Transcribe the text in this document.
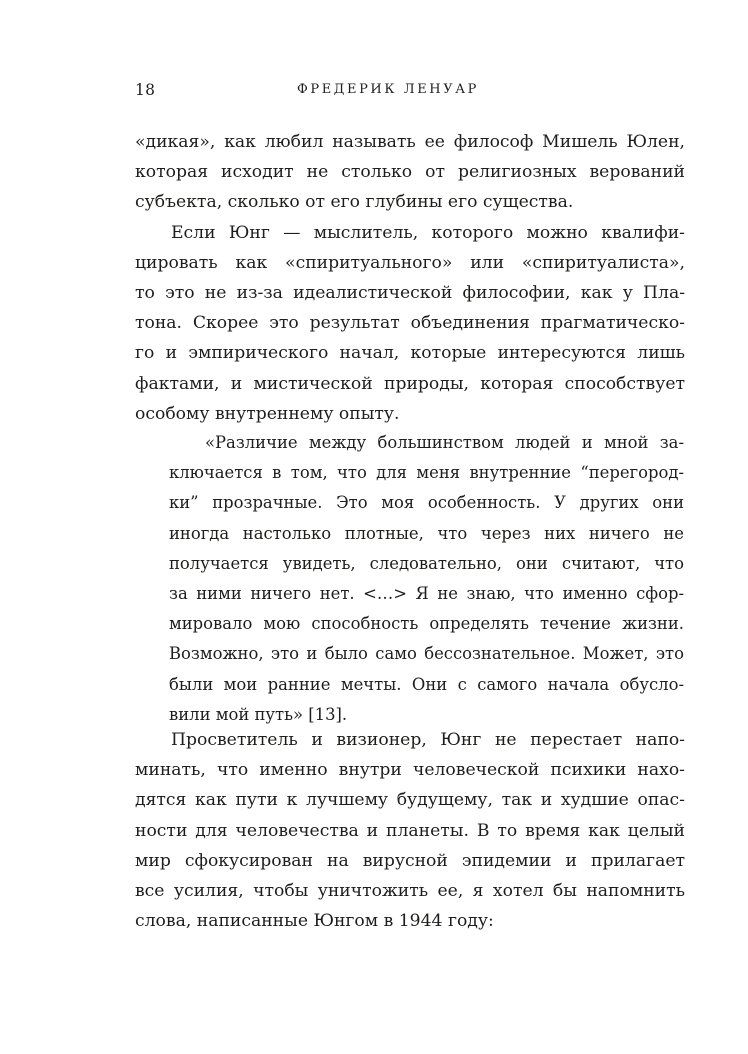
18	ФРЕДЕРИК ЛЕНУАР
«дикая», как любил называть ее философ Мишель Юлен,
которая исходит не столько от религиозных верований
субъекта, сколько от его глубины его существа.
Если Юнг — мыслитель, которого можно квалифи-
цировать как «спиритуального» или «спиритуалиста»,
то это не из-за идеалистической философии, как у Пла-
тона. Скорее это результат объединения прагматическо-
го и эмпирического начал, которые интересуются лишь
фактами, и мистической природы, которая способствует
особому внутреннему опыту.
«Различие между большинством людей и мной за-
ключается в том, что для меня внутренние “перегород-
ки” прозрачные. Это моя особенность. У других они
иногда настолько плотные, что через них ничего не
получается увидеть, следовательно, они считают, что
за ними ничего нет. <…> Я не знаю, что именно сфор-
мировало мою способность определять течение жизни.
Возможно, это и было само бессознательное. Может, это
были мои ранние мечты. Они с самого начала обусло-
вили мой путь» [13].
Просветитель и визионер, Юнг не перестает напо-
минать, что именно внутри человеческой психики нахо-
дятся как пути к лучшему будущему, так и худшие опас-
ности для человечества и планеты. В то время как целый
мир сфокусирован на вирусной эпидемии и прилагает
все усилия, чтобы уничтожить ее, я хотел бы напомнить
слова, написанные Юнгом в 1944 году:
